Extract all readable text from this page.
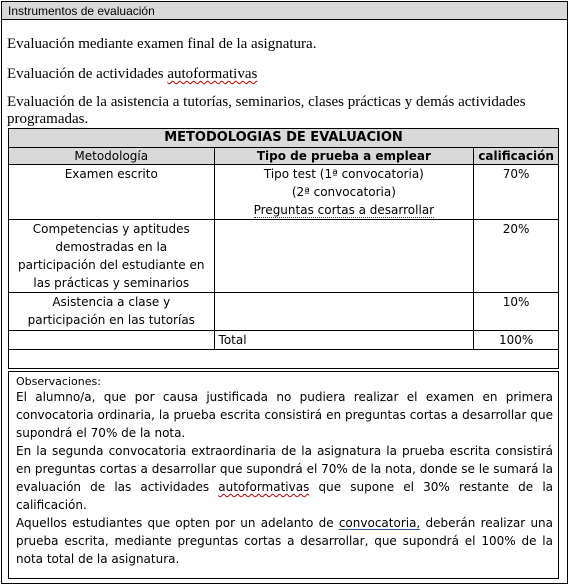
Instrumentos de evaluación
Evaluación mediante examen final de la asignatura.
Evaluación de actividades autoformativas
Evaluación de la asistencia a tutorías, seminarios, clases prácticas y demás actividades
programadas.
METODOLOGIAS DE EVALUACION		
Metodología	Tipo de prueba a emplear	calificación

Examen escrito	Tipo test (1ª convocatoria)
(2ª convocatoria)
Preguntas cortas a desarrollar	70%

Competencias y aptitudes
demostradas en la
participación del estudiante en
las prácticas y seminarios		20%

Asistencia a clase y
participación en las tutorías		10%
	Total	100%

Observaciones:

El alumno/a, que por causa justificada no pudiera realizar el examen en primera convocatoria ordinaria, la prueba escrita consistirá en preguntas cortas a desarrollar que supondrá el 70% de la nota.

En la segunda convocatoria extraordinaria de la asignatura la prueba escrita consistirá en preguntas cortas a desarrollar que supondrá el 70% de la nota, donde se le sumará la evaluación de las actividades autoformativas que supone el 30% restante de la calificación.

Aquellos estudiantes que opten por un adelanto de convocatoria, deberán realizar una prueba escrita, mediante preguntas cortas a desarrollar, que supondrá el 100% de la nota total de la asignatura.
